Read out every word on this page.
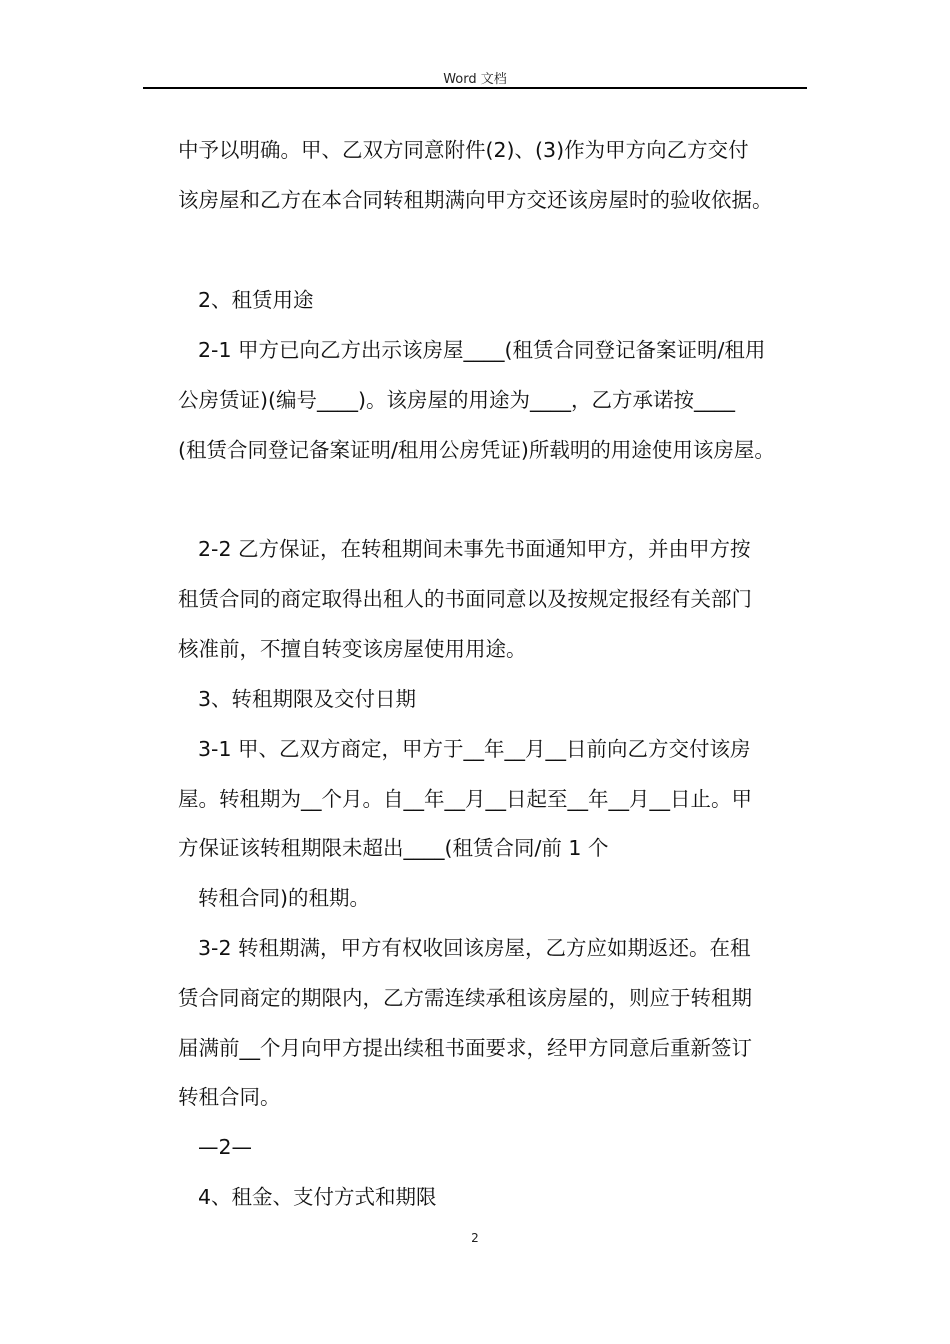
Word 文档
中予以明确。甲、乙双方同意附件(2)、(3)作为甲方向乙方交付
该房屋和乙方在本合同转租期满向甲方交还该房屋时的验收依据。
2、租赁用途
2-1 甲方已向乙方出示该房屋____(租赁合同登记备案证明/租用
公房赁证)(编号____)。该房屋的用途为____，乙方承诺按____
(租赁合同登记备案证明/租用公房凭证)所载明的用途使用该房屋。
2-2 乙方保证，在转租期间未事先书面通知甲方，并由甲方按
租赁合同的商定取得出租人的书面同意以及按规定报经有关部门
核准前，不擅自转变该房屋使用用途。
3、转租期限及交付日期
3-1 甲、乙双方商定，甲方于__年__月__日前向乙方交付该房
屋。转租期为__个月。自__年__月__日起至__年__月__日止。甲
方保证该转租期限未超出____(租赁合同/前 1 个
转租合同)的租期。
3-2 转租期满，甲方有权收回该房屋，乙方应如期返还。在租
赁合同商定的期限内，乙方需连续承租该房屋的，则应于转租期
届满前__个月向甲方提出续租书面要求，经甲方同意后重新签订
转租合同。
—2—
4、租金、支付方式和期限
2
